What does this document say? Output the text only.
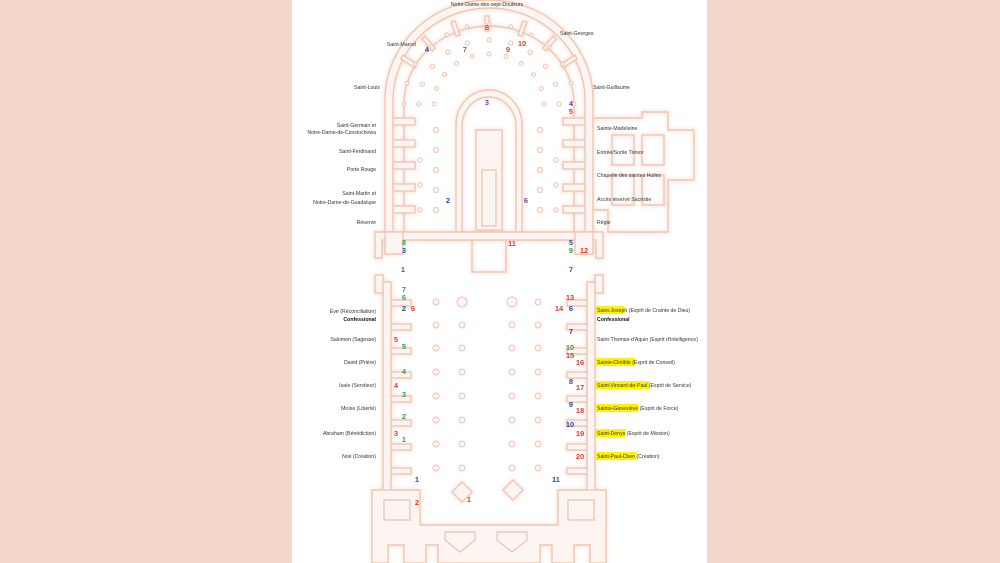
Notre-Dame-des-sept-Douleurs
Saint-Marcel
Saint-Georges
Saint-Louis	Saint-Guillaume
Saint-Germain et
Notre-Dame-de-Czestochowa
Sainte-Madeleine
Saint-Ferdinand	Entrée/Sortie Trésor
Porte Rouge
Chapelle des saintes Huiles
Saint-Martin et
Notre-Dame-de-Guadalupe	Accès réservé Sacristie
Réserve	Régie
Ève (Réconciliation)
Confessional
Saint-Joseph (Esprit de Crainte de Dieu)
Confessional
Salomon (Sagesse)	Saint-Thomas-d'Aquin (Esprit d'Intelligence)
David (Prière)	Sainte-Clotilde (Esprit de Conseil)
Isaïe (Serviteur)	Saint-Vincent-de-Paul (Esprit de Service)
Moïse (Liberté)	Sainte-Geneviève (Esprit de Force)
Abraham (Bénédiction)	Saint-Denys (Esprit de Mission)
Noé (Création)	Saint-Paul-Chen (Création)
8
10
7	9
4
3	4
5
2	6
8
3
11	5
9 12
1	7
7
6
2 6
13
14 6
7
5
5	10
15
16
4
4	8
17
3
9
18
2
10
3
1
19
20
1	11
2	1
